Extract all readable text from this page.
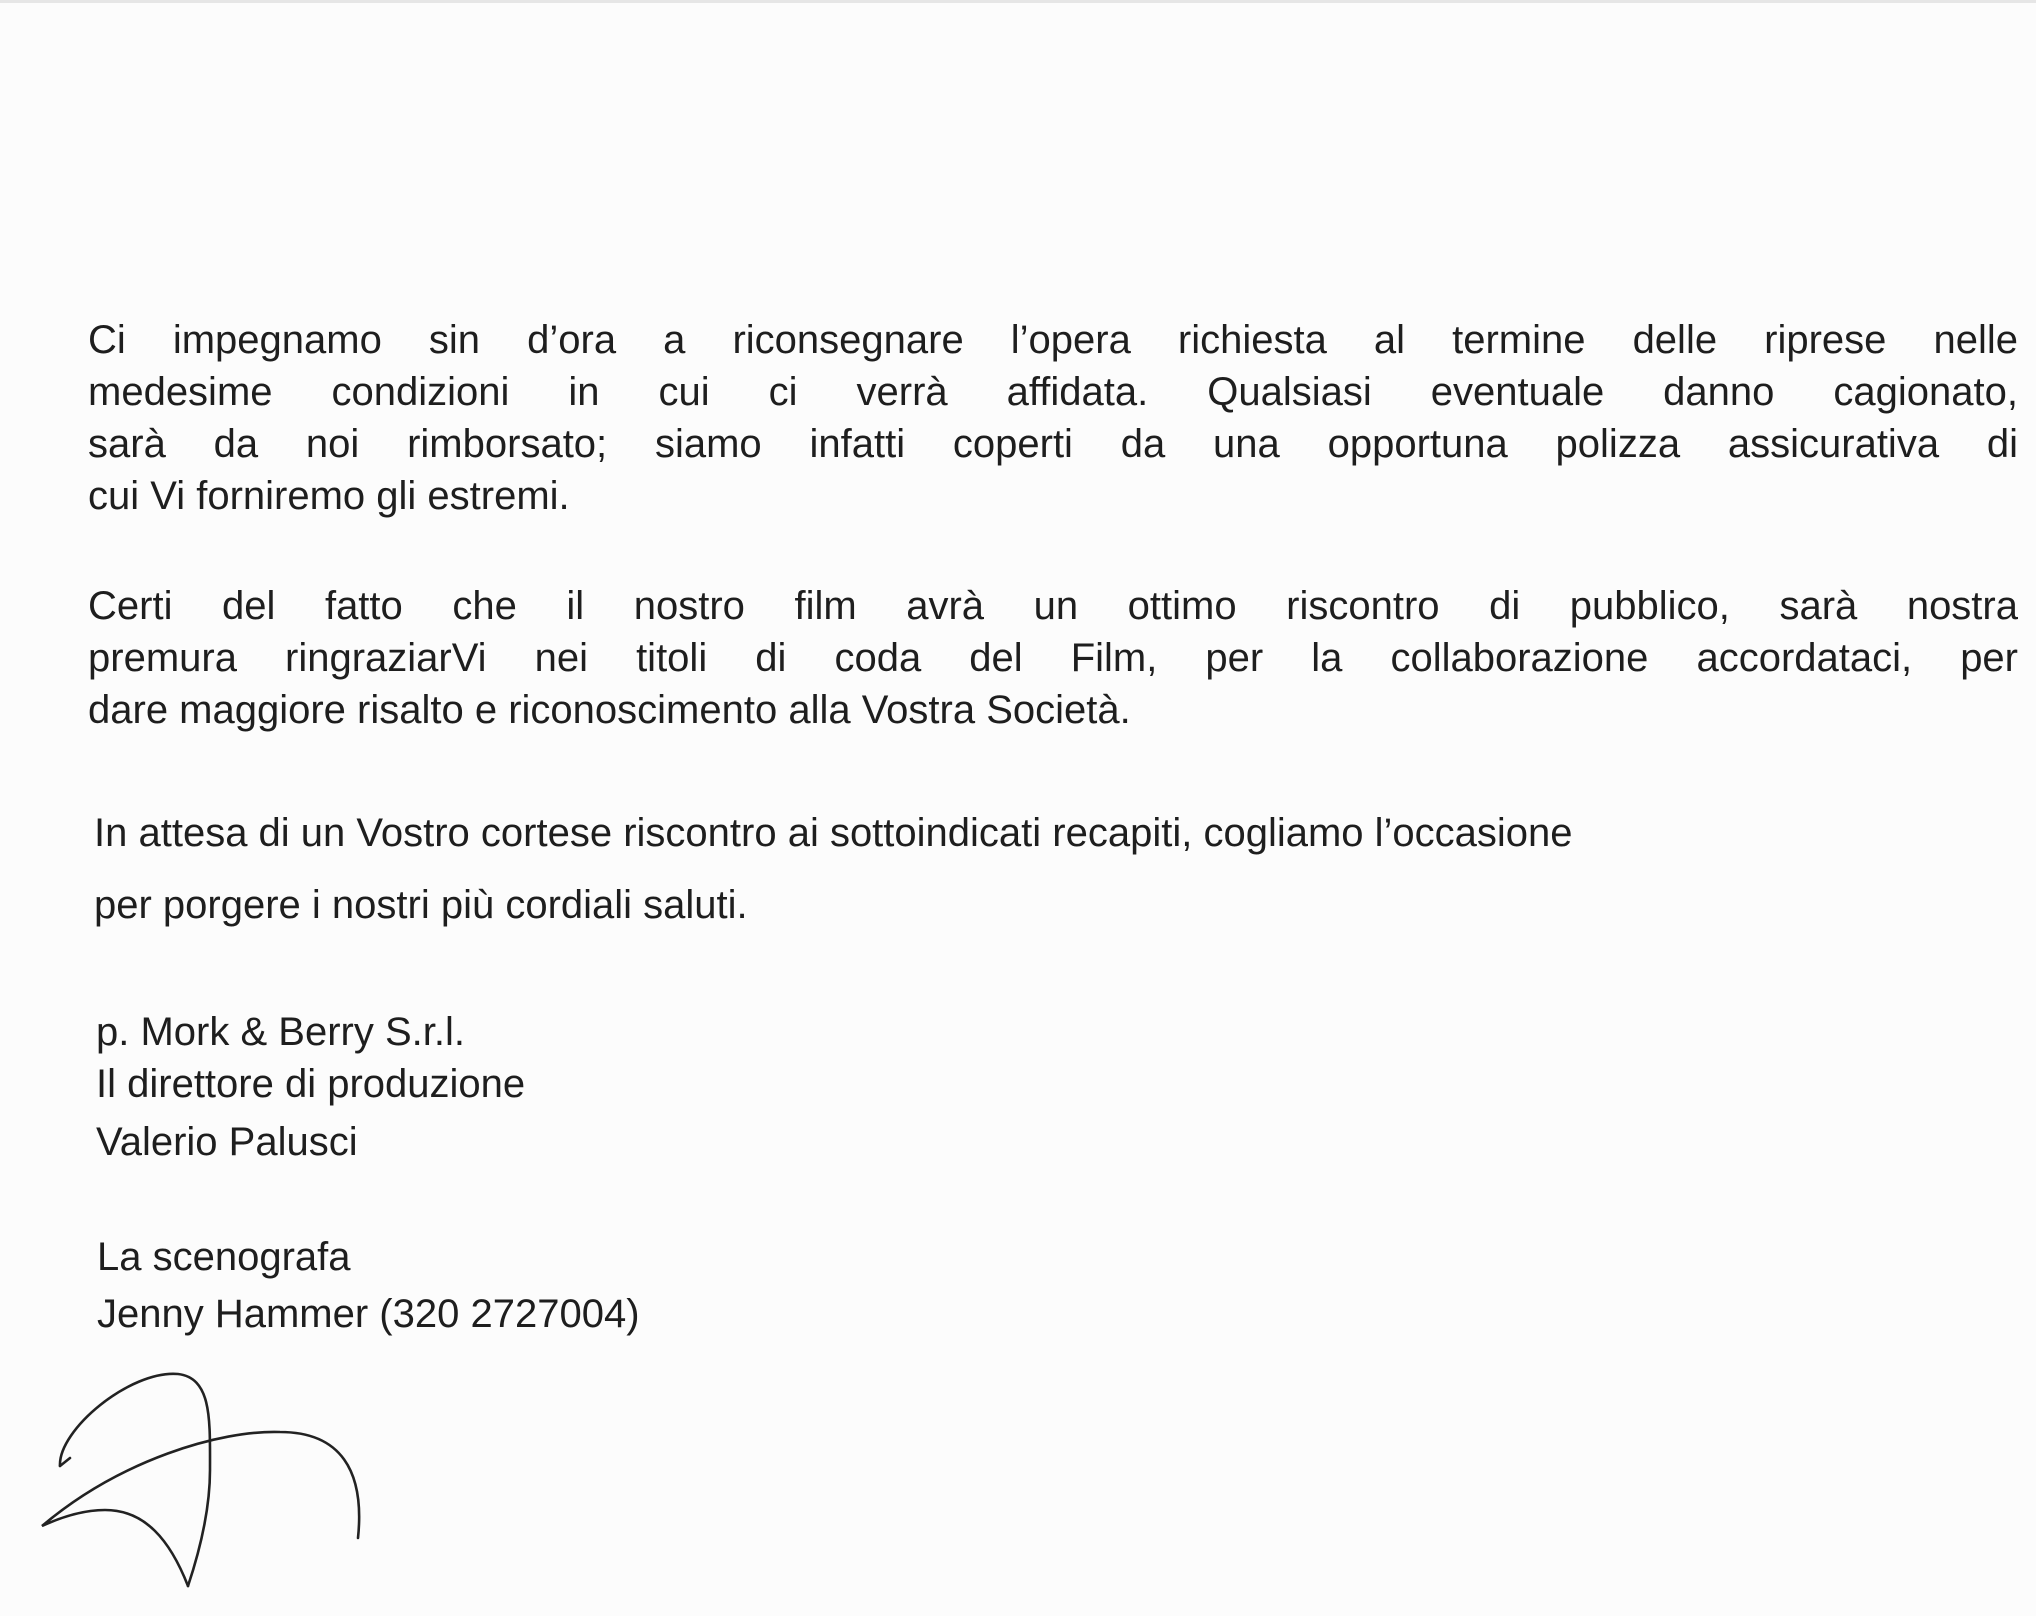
Ci impegnamo sin d’ora a riconsegnare l’opera richiesta al termine delle riprese nelle
medesime condizioni in cui ci verrà affidata. Qualsiasi eventuale danno cagionato,
sarà da noi rimborsato; siamo infatti coperti da una opportuna polizza assicurativa di
cui Vi forniremo gli estremi.
Certi del fatto che il nostro film avrà un ottimo riscontro di pubblico, sarà nostra
premura ringraziarVi nei titoli di coda del Film, per la collaborazione accordataci, per
dare maggiore risalto e riconoscimento alla Vostra Società.
In attesa di un Vostro cortese riscontro ai sottoindicati recapiti, cogliamo l’occasione
per porgere i nostri più cordiali saluti.
p. Mork & Berry S.r.l.
Il direttore di produzione
Valerio Palusci
La scenografa
Jenny Hammer (320 2727004)
